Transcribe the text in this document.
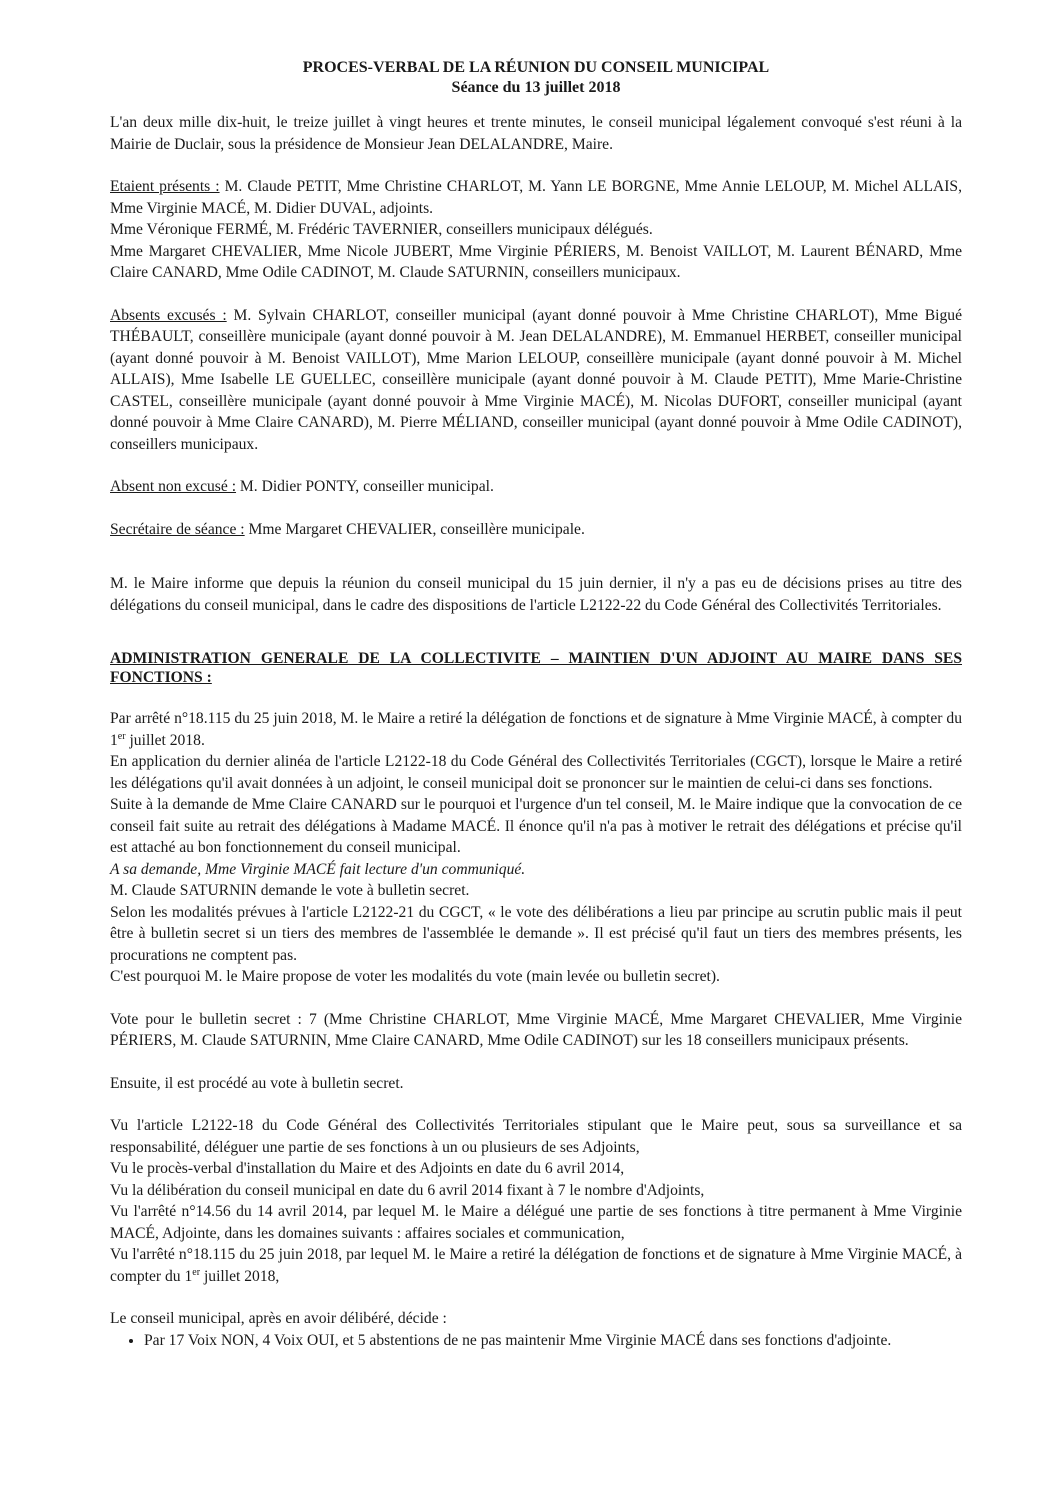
PROCES-VERBAL DE LA RÉUNION DU CONSEIL MUNICIPAL
Séance du 13 juillet 2018

L'an deux mille dix-huit, le treize juillet à vingt heures et trente minutes, le conseil municipal légalement convoqué s'est réuni à la Mairie de Duclair, sous la présidence de Monsieur Jean DELALANDRE, Maire.

Etaient présents : M. Claude PETIT, Mme Christine CHARLOT, M. Yann LE BORGNE, Mme Annie LELOUP, M. Michel ALLAIS, Mme Virginie MACÉ, M. Didier DUVAL, adjoints.

Mme Véronique FERMÉ, M. Frédéric TAVERNIER, conseillers municipaux délégués.

Mme Margaret CHEVALIER, Mme Nicole JUBERT, Mme Virginie PÉRIERS, M. Benoist VAILLOT, M. Laurent BÉNARD, Mme Claire CANARD, Mme Odile CADINOT, M. Claude SATURNIN, conseillers municipaux.

Absents excusés : M. Sylvain CHARLOT, conseiller municipal (ayant donné pouvoir à Mme Christine CHARLOT), Mme Bigué THÉBAULT, conseillère municipale (ayant donné pouvoir à M. Jean DELALANDRE), M. Emmanuel HERBET, conseiller municipal (ayant donné pouvoir à M. Benoist VAILLOT), Mme Marion LELOUP, conseillère municipale (ayant donné pouvoir à M. Michel ALLAIS), Mme Isabelle LE GUELLEC, conseillère municipale (ayant donné pouvoir à M. Claude PETIT), Mme Marie-Christine CASTEL, conseillère municipale (ayant donné pouvoir à Mme Virginie MACÉ), M. Nicolas DUFORT, conseiller municipal (ayant donné pouvoir à Mme Claire CANARD), M. Pierre MÉLIAND, conseiller municipal (ayant donné pouvoir à Mme Odile CADINOT), conseillers municipaux.

Absent non excusé : M. Didier PONTY, conseiller municipal.

Secrétaire de séance : Mme Margaret CHEVALIER, conseillère municipale.

M. le Maire informe que depuis la réunion du conseil municipal du 15 juin dernier, il n'y a pas eu de décisions prises au titre des délégations du conseil municipal, dans le cadre des dispositions de l'article L2122-22 du Code Général des Collectivités Territoriales.

ADMINISTRATION GENERALE DE LA COLLECTIVITE – MAINTIEN D'UN ADJOINT AU MAIRE DANS SES FONCTIONS :

Par arrêté n°18.115 du 25 juin 2018, M. le Maire a retiré la délégation de fonctions et de signature à Mme Virginie MACÉ, à compter du 1er juillet 2018.

En application du dernier alinéa de l'article L2122-18 du Code Général des Collectivités Territoriales (CGCT), lorsque le Maire a retiré les délégations qu'il avait données à un adjoint, le conseil municipal doit se prononcer sur le maintien de celui-ci dans ses fonctions.

Suite à la demande de Mme Claire CANARD sur le pourquoi et l'urgence d'un tel conseil, M. le Maire indique que la convocation de ce conseil fait suite au retrait des délégations à Madame MACÉ. Il énonce qu'il n'a pas à motiver le retrait des délégations et précise qu'il est attaché au bon fonctionnement du conseil municipal.

A sa demande, Mme Virginie MACÉ fait lecture d'un communiqué.

M. Claude SATURNIN demande le vote à bulletin secret.

Selon les modalités prévues à l'article L2122-21 du CGCT, « le vote des délibérations a lieu par principe au scrutin public mais il peut être à bulletin secret si un tiers des membres de l'assemblée le demande ». Il est précisé qu'il faut un tiers des membres présents, les procurations ne comptent pas.

C'est pourquoi M. le Maire propose de voter les modalités du vote (main levée ou bulletin secret).

Vote pour le bulletin secret : 7 (Mme Christine CHARLOT, Mme Virginie MACÉ, Mme Margaret CHEVALIER, Mme Virginie PÉRIERS, M. Claude SATURNIN, Mme Claire CANARD, Mme Odile CADINOT) sur les 18 conseillers municipaux présents.

Ensuite, il est procédé au vote à bulletin secret.

Vu l'article L2122-18 du Code Général des Collectivités Territoriales stipulant que le Maire peut, sous sa surveillance et sa responsabilité, déléguer une partie de ses fonctions à un ou plusieurs de ses Adjoints,

Vu le procès-verbal d'installation du Maire et des Adjoints en date du 6 avril 2014,

Vu la délibération du conseil municipal en date du 6 avril 2014 fixant à 7 le nombre d'Adjoints,

Vu l'arrêté n°14.56 du 14 avril 2014, par lequel M. le Maire a délégué une partie de ses fonctions à titre permanent à Mme Virginie MACÉ, Adjointe, dans les domaines suivants : affaires sociales et communication,

Vu l'arrêté n°18.115 du 25 juin 2018, par lequel M. le Maire a retiré la délégation de fonctions et de signature à Mme Virginie MACÉ, à compter du 1er juillet 2018,

Le conseil municipal, après en avoir délibéré, décide :

• Par 17 Voix NON, 4 Voix OUI, et 5 abstentions de ne pas maintenir Mme Virginie MACÉ dans ses fonctions d'adjointe.
